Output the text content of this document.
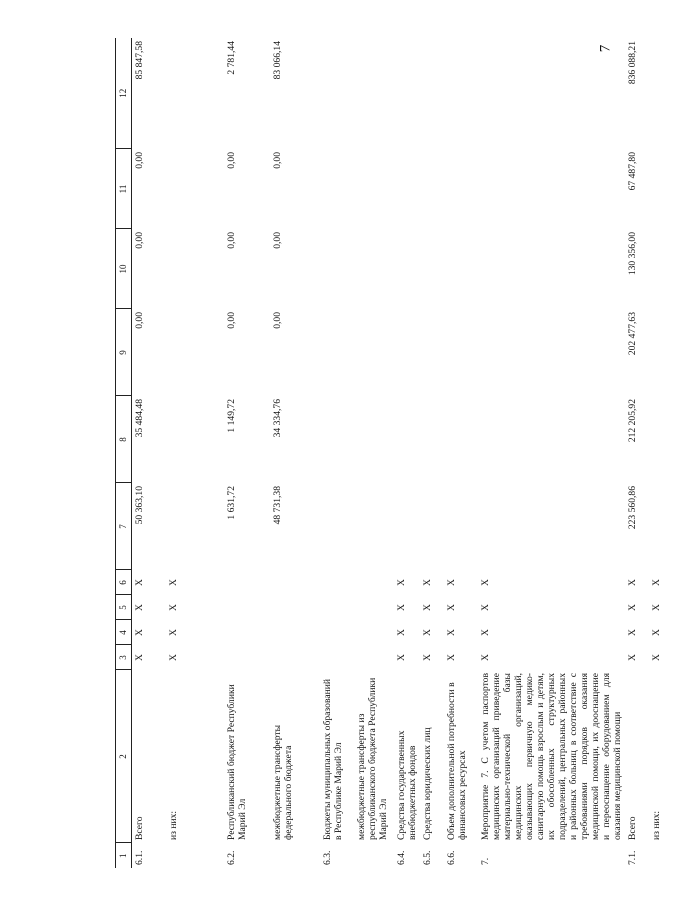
7
1	2	3	4	5	6	7	8	9	10	11	12
6.1.	Всего	X	X	X	X	50 363,10	35 484,48	0,00	0,00	0,00	85 847,58
	из них:	X	X	X	X						
6.2.	Республиканский бюджет Республики Марий Эл					1 631,72	1 149,72	0,00	0,00	0,00	2 781,44
	межбюджетные трансферты федерального бюджета					48 731,38	34 334,76	0,00	0,00	0,00	83 066,14
6.3.	Бюджеты муниципальных образований в Республике Марий Эл										
	межбюджетные трансферты из республиканского бюджета Республики Марий Эл										
6.4.	Средства государственных внебюджетных фондов	X	X	X	X						
6.5.	Средства юридических лиц	X	X	X	X						
6.6.	Объем дополнительной потребности в финансовых ресурсах	X	X	X	X						
7.	Мероприятие 7. С учетом паспортов медицинских организаций приведение материально-технической базы медицинских организаций, оказывающих первичную медико-санитарную помощь взрослым и детям, их обособленных структурных подразделений, центральных районных и районных больниц в соответствие с требованиями порядков оказания медицинской помощи, их дооснащение и переоснащение оборудованием для оказания медицинской помощи	X	X	X	X						
7.1.	Всего	X	X	X	X	223 560,86	212 205,92	202 477,63	130 356,00	67 487,80	836 088,21
	из них:	X	X	X	X						
